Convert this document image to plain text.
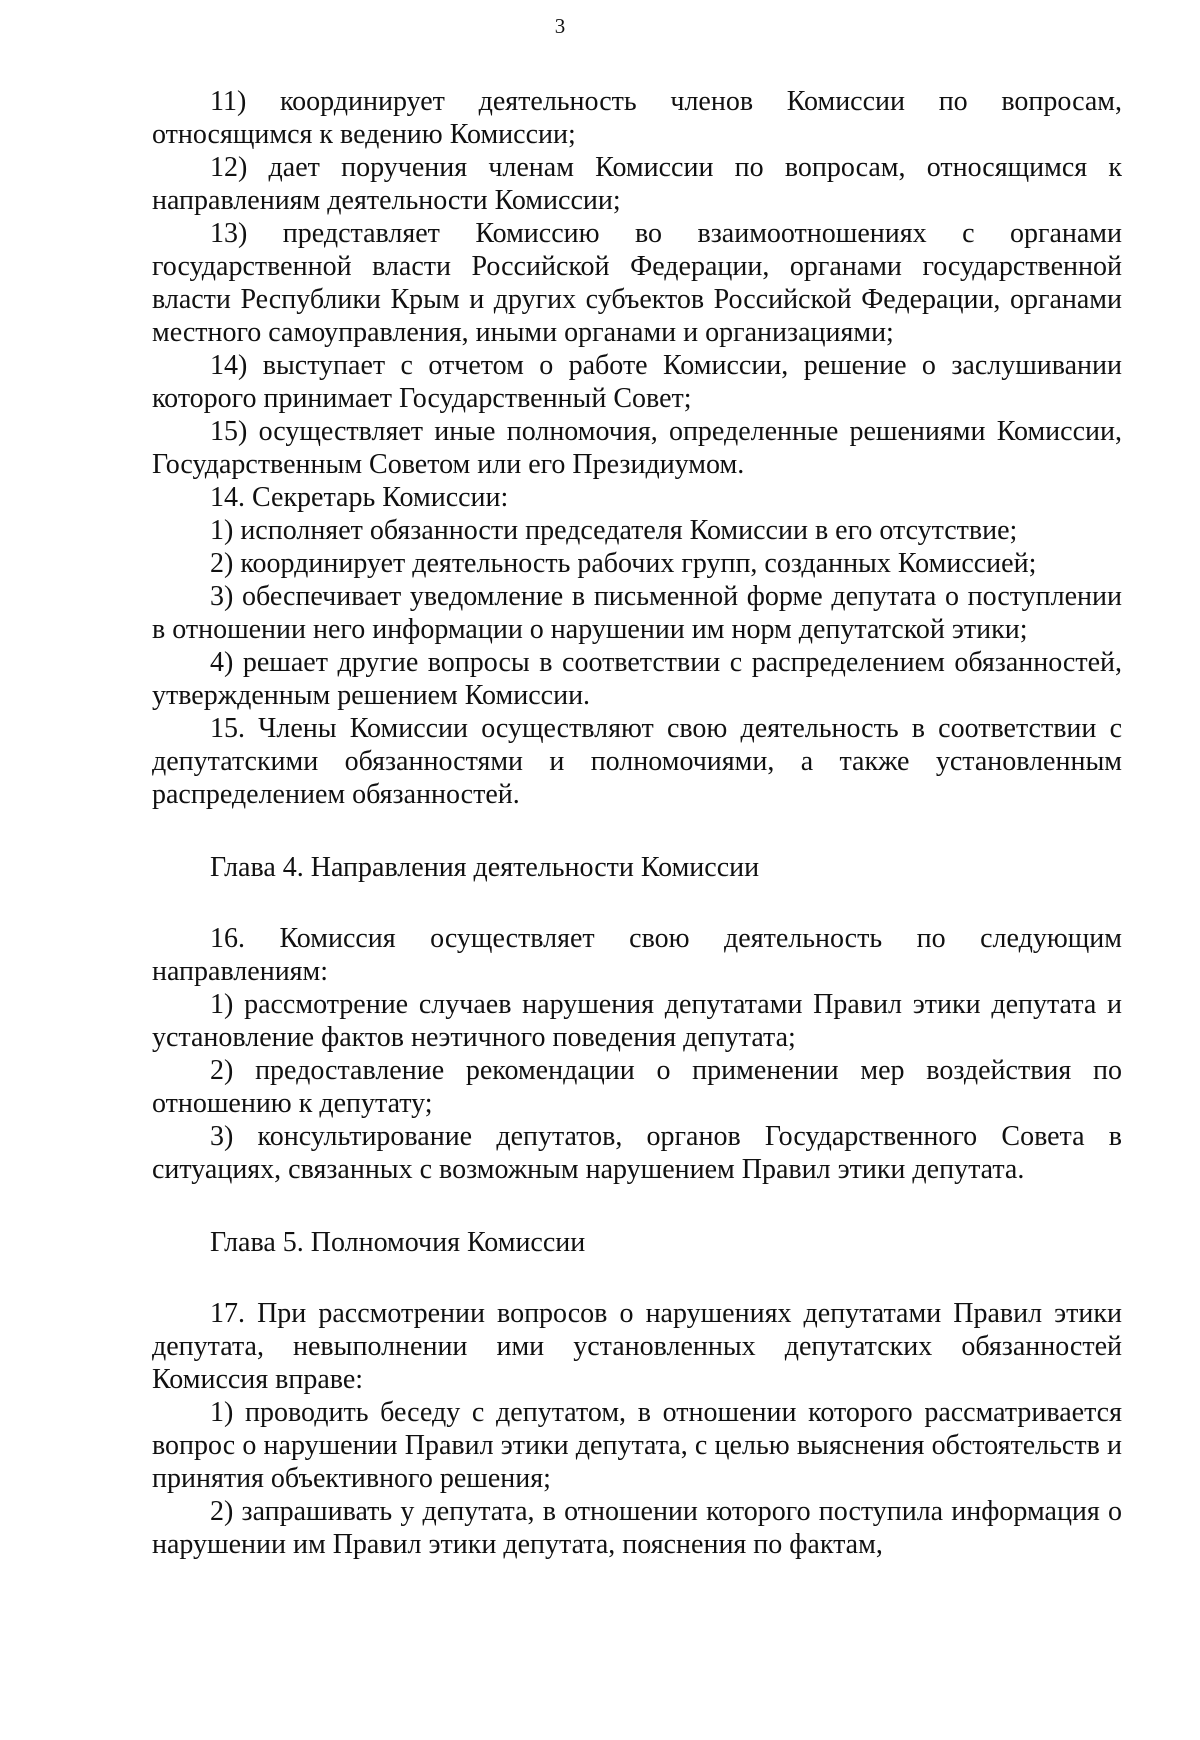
3

11) координирует деятельность членов Комиссии по вопросам, относящимся к ведению Комиссии;

12) дает поручения членам Комиссии по вопросам, относящимся к направлениям деятельности Комиссии;

13) представляет Комиссию во взаимоотношениях с органами государственной власти Российской Федерации, органами государственной власти Республики Крым и других субъектов Российской Федерации, органами местного самоуправления, иными органами и организациями;

14) выступает с отчетом о работе Комиссии, решение о заслушивании которого принимает Государственный Совет;

15) осуществляет иные полномочия, определенные решениями Комиссии, Государственным Советом или его Президиумом.

14. Секретарь Комиссии:

1) исполняет обязанности председателя Комиссии в его отсутствие;

2) координирует деятельность рабочих групп, созданных Комиссией;

3) обеспечивает уведомление в письменной форме депутата о поступлении в отношении него информации о нарушении им норм депутатской этики;

4) решает другие вопросы в соответствии с распределением обязанностей, утвержденным решением Комиссии.

15. Члены Комиссии осуществляют свою деятельность в соответствии с депутатскими обязанностями и полномочиями, а также установленным распределением обязанностей.

Глава 4. Направления деятельности Комиссии

16. Комиссия осуществляет свою деятельность по следующим направлениям:

1) рассмотрение случаев нарушения депутатами Правил этики депутата и установление фактов неэтичного поведения депутата;

2) предоставление рекомендации о применении мер воздействия по отношению к депутату;

3) консультирование депутатов, органов Государственного Совета в ситуациях, связанных с возможным нарушением Правил этики депутата.

Глава 5. Полномочия Комиссии

17. При рассмотрении вопросов о нарушениях депутатами Правил этики депутата, невыполнении ими установленных депутатских обязанностей Комиссия вправе:

1) проводить беседу с депутатом, в отношении которого рассматривается вопрос о нарушении Правил этики депутата, с целью выяснения обстоятельств и принятия объективного решения;

2) запрашивать у депутата, в отношении которого поступила информация о нарушении им Правил этики депутата, пояснения по фактам,
